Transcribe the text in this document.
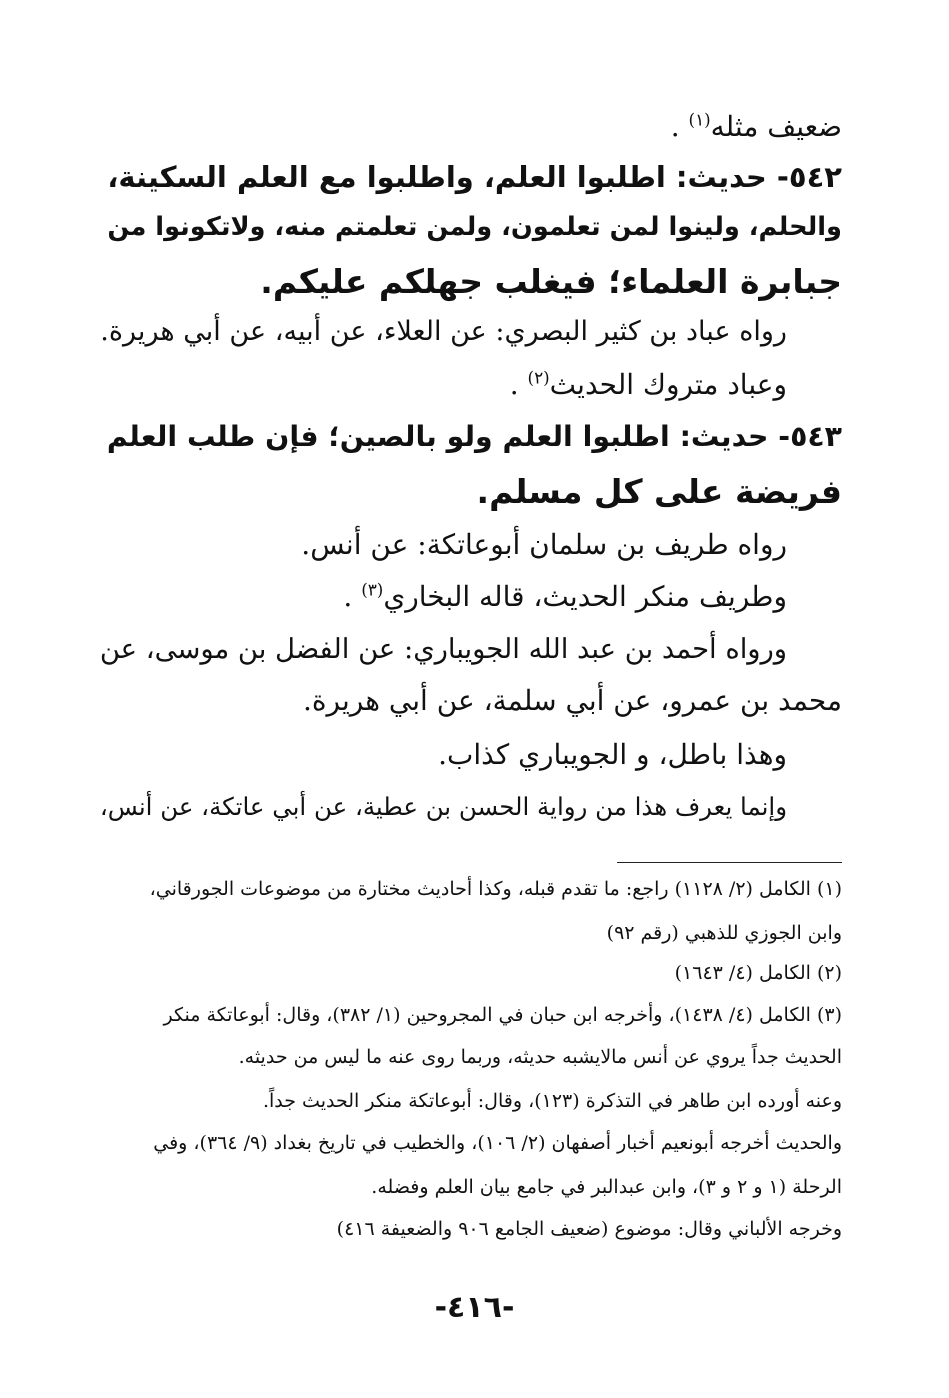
ضعيف مثله$^{(١)}$ .
٥٤٢- حديث: اطلبوا العلم، واطلبوا مع العلم السكينة،
والحلم، ولينوا لمن تعلمون، ولمن تعلمتم منه، ولاتكونوا من
جبابرة العلماء؛ فيغلب جهلكم عليكم.
رواه عباد بن كثير البصري: عن العلاء، عن أبيه، عن أبي هريرة.
وعباد متروك الحديث$^{(٢)}$ .
٥٤٣- حديث: اطلبوا العلم ولو بالصين؛ فإن طلب العلم
فريضة على كل مسلم.
رواه طريف بن سلمان أبوعاتكة: عن أنس.
وطريف منكر الحديث، قاله البخاري$^{(٣)}$ .
ورواه أحمد بن عبد الله الجويباري: عن الفضل بن موسى، عن
محمد بن عمرو، عن أبي سلمة، عن أبي هريرة.
وهذا باطل، و الجويباري كذاب.
وإنما يعرف هذا من رواية الحسن بن عطية، عن أبي عاتكة، عن أنس،
(١) الكامل (٢/ ١١٢٨) راجع: ما تقدم قبله، وكذا أحاديث مختارة من موضوعات الجورقاني،
وابن الجوزي للذهبي (رقم ٩٢)
(٢) الكامل (٤/ ١٦٤٣)
(٣) الكامل (٤/ ١٤٣٨)، وأخرجه ابن حبان في المجروحين (١/ ٣٨٢)، وقال: أبوعاتكة منكر
الحديث جداً يروي عن أنس مالايشبه حديثه، وربما روى عنه ما ليس من حديثه.
وعنه أورده ابن طاهر في التذكرة (١٢٣)، وقال: أبوعاتكة منكر الحديث جداً.
والحديث أخرجه أبونعيم أخبار أصفهان (٢/ ١٠٦)، والخطيب في تاريخ بغداد (٩/ ٣٦٤)، وفي
الرحلة (١ و ٢ و ٣)، وابن عبدالبر في جامع بيان العلم وفضله.
وخرجه الألباني وقال: موضوع (ضعيف الجامع ٩٠٦ والضعيفة ٤١٦)
-٤١٦-
